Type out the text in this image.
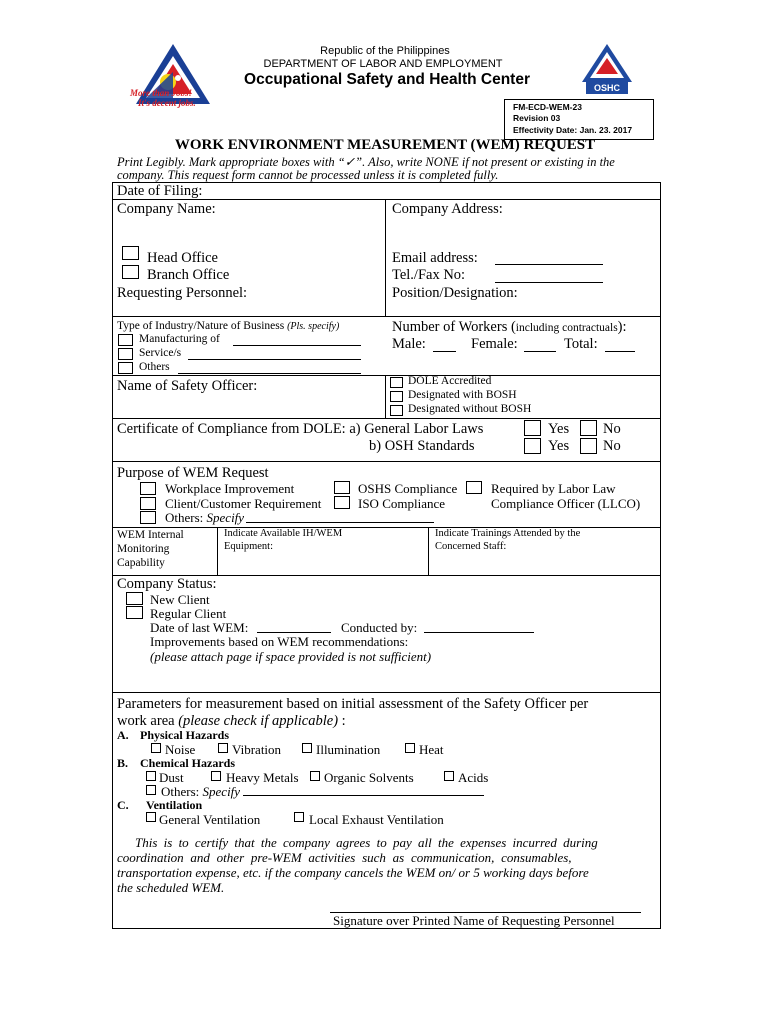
More than Jobs!
It's decent jobs.
Republic of the Philippines
DEPARTMENT OF LABOR AND EMPLOYMENT
Occupational Safety and Health Center	OSHC
FM-ECD-WEM-23
Revision 03
Effectivity Date: Jan. 23. 2017
WORK ENVIRONMENT MEASUREMENT (WEM) REQUEST
Print Legibly. Mark appropriate boxes with “✓”. Also, write NONE if not present or existing in the
company. This request form cannot be processed unless it is completed fully.
Date of Filing:
Company Name:	Company Address:
Head Office
Branch Office
Email address:
Tel./Fax No:
Requesting Personnel:	Position/Designation:
Type of Industry/Nature of Business (Pls. specify)
Manufacturing of
Service/s
Others
Number of Workers (including contractuals):
Male:	Female:	Total:
Name of Safety Officer:	DOLE Accredited
Designated with BOSH
Designated without BOSH
Certificate of Compliance from DOLE: a) General Labor Laws	Yes No
b) OSH Standards	Yes No
Purpose of WEM Request
Workplace Improvement
Client/Customer Requirement
Others: Specify
OSHS Compliance
ISO Compliance
Required by Labor Law
Compliance Officer (LLCO)
WEM Internal
Monitoring
Capability
Indicate Available IH/WEM
Equipment:
Indicate Trainings Attended by the
Concerned Staff:
Company Status:
New Client
Regular Client
Date of last WEM:	Conducted by:
Improvements based on WEM recommendations:
(please attach page if space provided is not sufficient)
Parameters for measurement based on initial assessment of the Safety Officer per
work area (please check if applicable) :
A. Physical Hazards
Noise	Vibration	Illumination	Heat
B. Chemical Hazards
Dust	Heavy Metals Organic Solvents	Acids
Others: Specify
C. Ventilation
General Ventilation	Local Exhaust Ventilation
This is to certify that the company agrees to pay all the expenses incurred during
coordination and other pre-WEM activities such as communication, consumables,
transportation expense, etc. if the company cancels the WEM on/ or 5 working days before
the scheduled WEM.
Signature over Printed Name of Requesting Personnel
